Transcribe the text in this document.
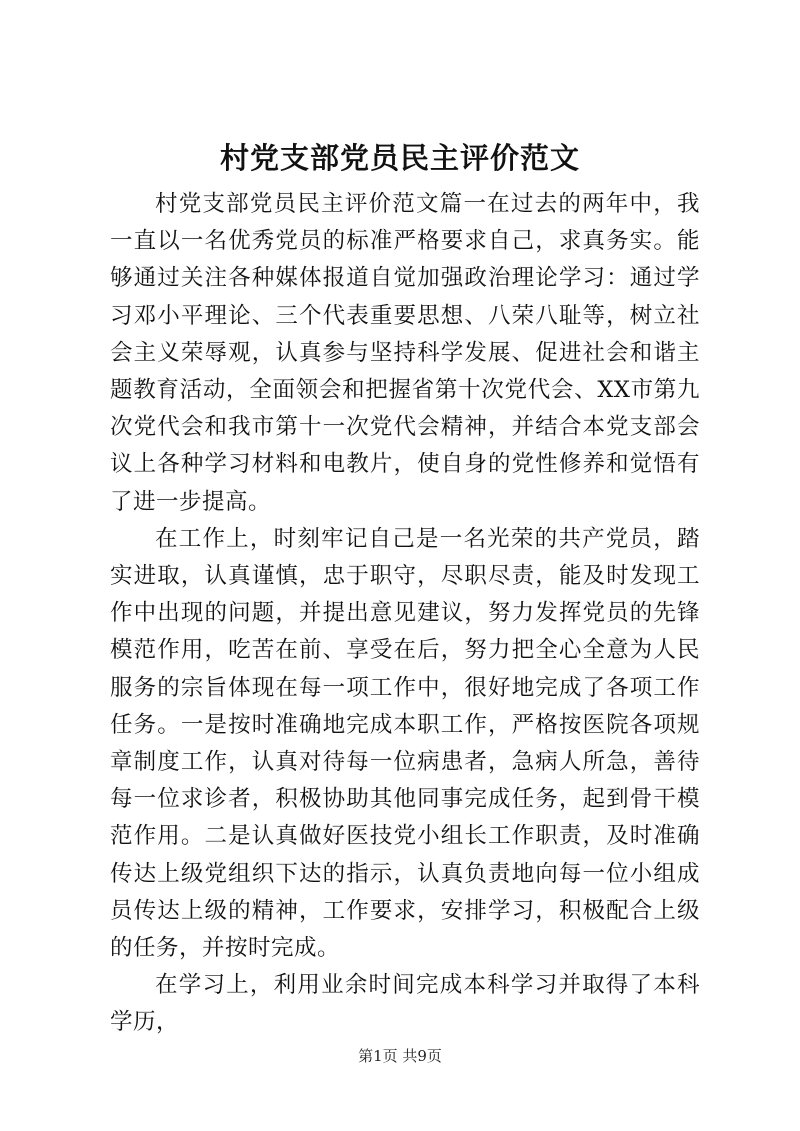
村党支部党员民主评价范文

村党支部党员民主评价范文篇一在过去的两年中，我一直以一名优秀党员的标准严格要求自己，求真务实。能够通过关注各种媒体报道自觉加强政治理论学习：通过学习邓小平理论、三个代表重要思想、八荣八耻等，树立社会主义荣辱观，认真参与坚持科学发展、促进社会和谐主题教育活动，全面领会和把握省第十次党代会、XX市第九次党代会和我市第十一次党代会精神，并结合本党支部会议上各种学习材料和电教片，使自身的党性修养和觉悟有了进一步提高。

在工作上，时刻牢记自己是一名光荣的共产党员，踏实进取，认真谨慎，忠于职守，尽职尽责，能及时发现工作中出现的问题，并提出意见建议，努力发挥党员的先锋模范作用，吃苦在前、享受在后，努力把全心全意为人民服务的宗旨体现在每一项工作中，很好地完成了各项工作任务。一是按时准确地完成本职工作，严格按医院各项规章制度工作，认真对待每一位病患者，急病人所急，善待每一位求诊者，积极协助其他同事完成任务，起到骨干模范作用。二是认真做好医技党小组长工作职责，及时准确传达上级党组织下达的指示，认真负责地向每一位小组成员传达上级的精神，工作要求，安排学习，积极配合上级的任务，并按时完成。

在学习上，利用业余时间完成本科学习并取得了本科学历，

第1页 共9页
